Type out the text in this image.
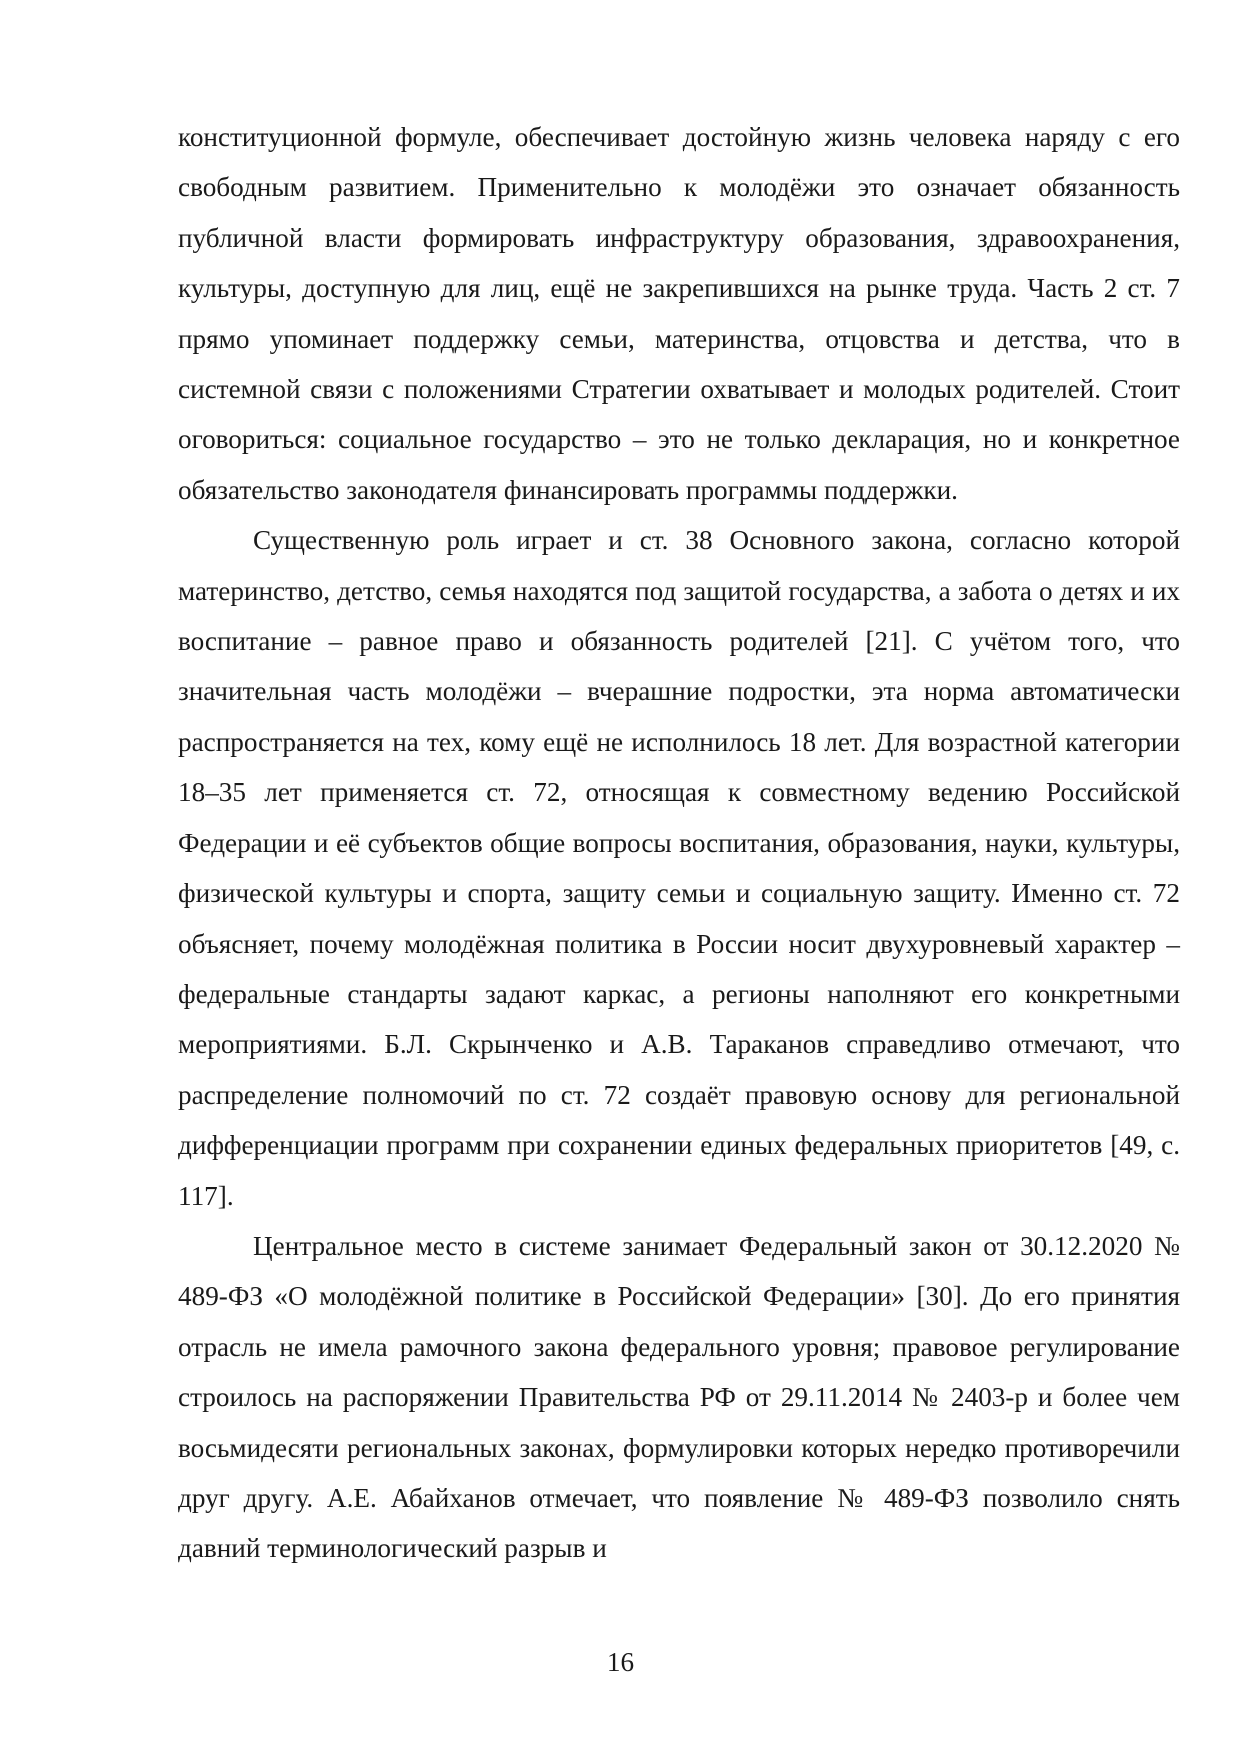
конституционной формуле, обеспечивает достойную жизнь человека наряду с его свободным развитием. Применительно к молодёжи это означает обязанность публичной власти формировать инфраструктуру образования, здравоохранения, культуры, доступную для лиц, ещё не закрепившихся на рынке труда. Часть 2 ст. 7 прямо упоминает поддержку семьи, материнства, отцовства и детства, что в системной связи с положениями Стратегии охватывает и молодых родителей. Стоит оговориться: социальное государство – это не только декларация, но и конкретное обязательство законодателя финансировать программы поддержки.

Существенную роль играет и ст. 38 Основного закона, согласно которой материнство, детство, семья находятся под защитой государства, а забота о детях и их воспитание – равное право и обязанность родителей [21]. С учётом того, что значительная часть молодёжи – вчерашние подростки, эта норма автоматически распространяется на тех, кому ещё не исполнилось 18 лет. Для возрастной категории 18–35 лет применяется ст. 72, относящая к совместному ведению Российской Федерации и её субъектов общие вопросы воспитания, образования, науки, культуры, физической культуры и спорта, защиту семьи и социальную защиту. Именно ст. 72 объясняет, почему молодёжная политика в России носит двухуровневый характер – федеральные стандарты задают каркас, а регионы наполняют его конкретными мероприятиями. Б.Л. Скрынченко и А.В. Тараканов справедливо отмечают, что распределение полномочий по ст. 72 создаёт правовую основу для региональной дифференциации программ при сохранении единых федеральных приоритетов [49, с. 117].

Центральное место в системе занимает Федеральный закон от 30.12.2020 № 489-ФЗ «О молодёжной политике в Российской Федерации» [30]. До его принятия отрасль не имела рамочного закона федерального уровня; правовое регулирование строилось на распоряжении Правительства РФ от 29.11.2014 № 2403-р и более чем восьмидесяти региональных законах, формулировки которых нередко противоречили друг другу. А.Е. Абайханов отмечает, что появление № 489-ФЗ позволило снять давний терминологический разрыв и

16
